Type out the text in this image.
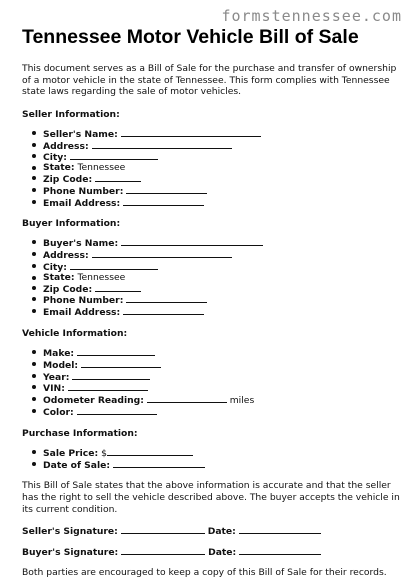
formstennessee.com
Tennessee Motor Vehicle Bill of Sale

This document serves as a Bill of Sale for the purchase and transfer of ownership of a motor vehicle in the state of Tennessee. This form complies with Tennessee state laws regarding the sale of motor vehicles.

Seller Information:
Seller's Name:
Address:
City:
State: Tennessee
Zip Code:
Phone Number:
Email Address:
Buyer Information:
Buyer's Name:
Address:
City:
State: Tennessee
Zip Code:
Phone Number:
Email Address:
Vehicle Information:
Make:
Model:
Year:
VIN:
Odometer Reading:	miles
Color:
Purchase Information:
Sale Price: $
Date of Sale:

This Bill of Sale states that the above information is accurate and that the seller has the right to sell the vehicle described above. The buyer accepts the vehicle in its current condition.

Seller's Signature:	Date:
Buyer's Signature:	Date:

Both parties are encouraged to keep a copy of this Bill of Sale for their records.
